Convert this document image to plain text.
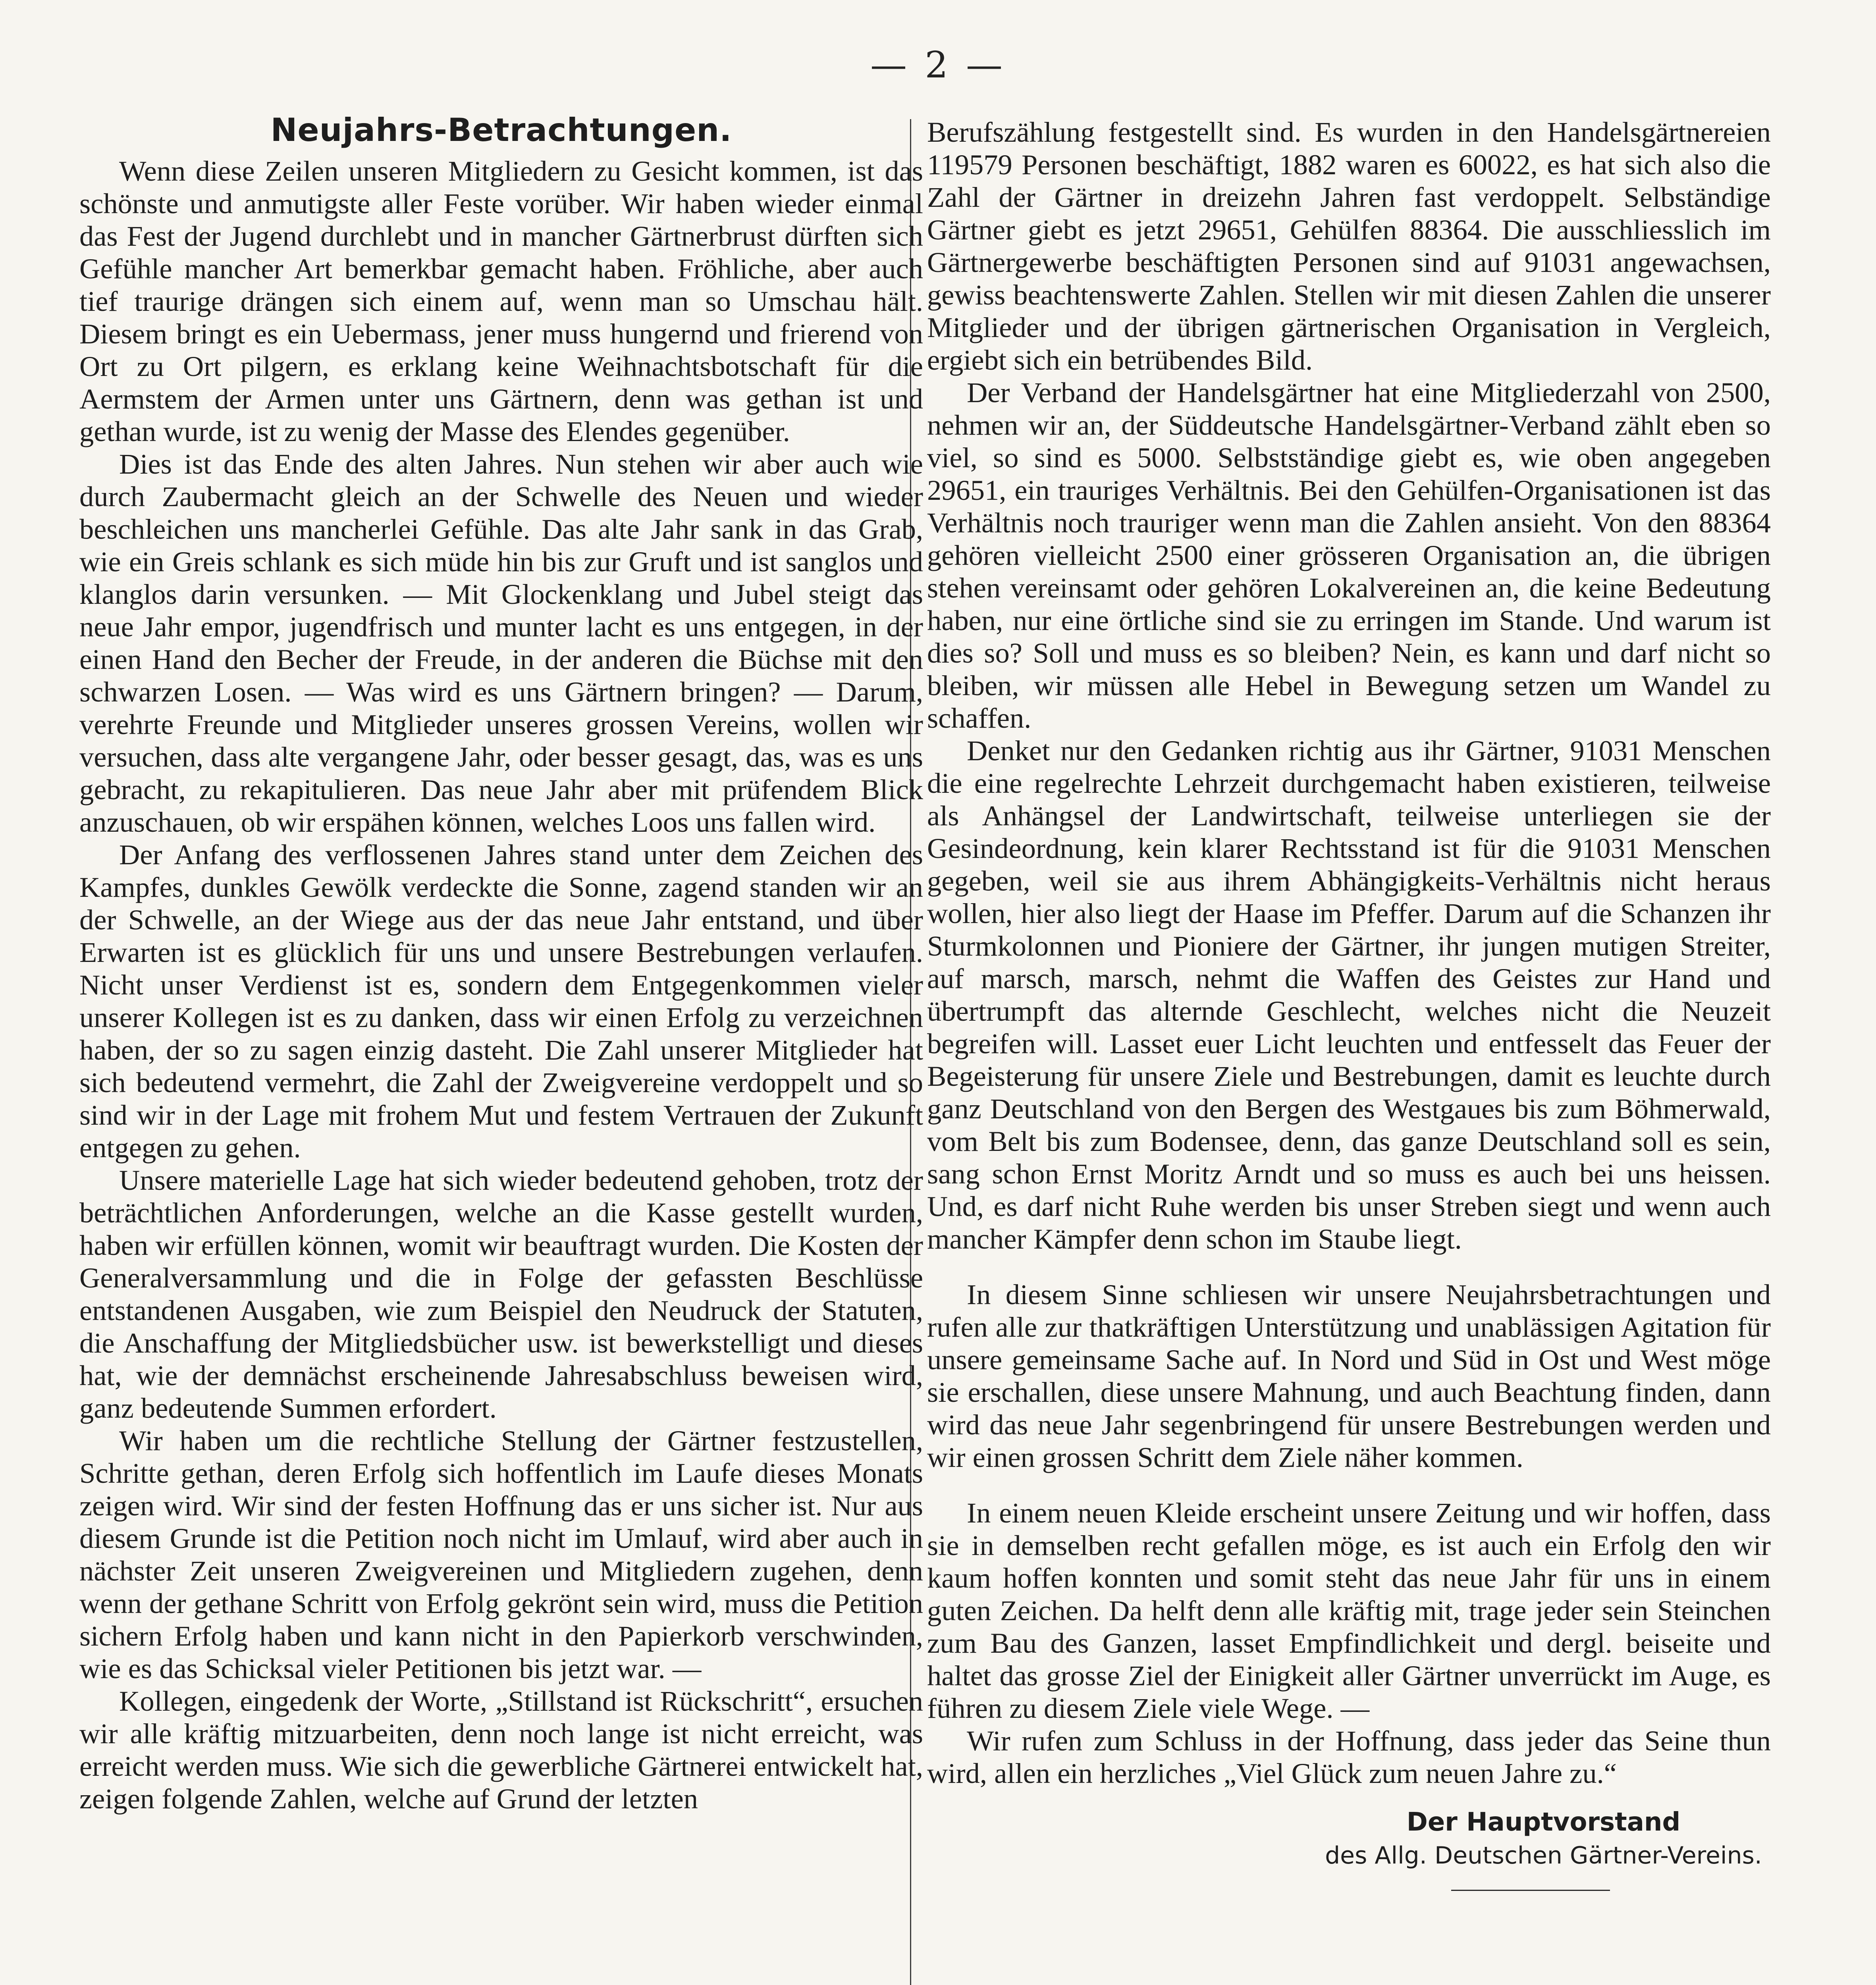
— 2 —
Neujahrs-Betrachtungen.

Wenn diese Zeilen unseren Mitgliedern zu Gesicht kommen, ist das schönste und anmutigste aller Feste vorüber. Wir haben wieder einmal das Fest der Jugend durchlebt und in mancher Gärtnerbrust dürften sich Gefühle mancher Art bemerkbar gemacht haben. Fröhliche, aber auch tief traurige drängen sich einem auf, wenn man so Umschau hält. Diesem bringt es ein Uebermass, jener muss hungernd und frierend von Ort zu Ort pilgern, es erklang keine Weihnachtsbotschaft für die Aermstem der Armen unter uns Gärtnern, denn was gethan ist und gethan wurde, ist zu wenig der Masse des Elendes gegenüber.

Dies ist das Ende des alten Jahres. Nun stehen wir aber auch wie durch Zaubermacht gleich an der Schwelle des Neuen und wieder beschleichen uns mancherlei Gefühle. Das alte Jahr sank in das Grab, wie ein Greis schlank es sich müde hin bis zur Gruft und ist sanglos und klanglos darin versunken. — Mit Glockenklang und Jubel steigt das neue Jahr empor, jugendfrisch und munter lacht es uns entgegen, in der einen Hand den Becher der Freude, in der anderen die Büchse mit den schwarzen Losen. — Was wird es uns Gärtnern bringen? — Darum, verehrte Freunde und Mitglieder unseres grossen Vereins, wollen wir versuchen, dass alte vergangene Jahr, oder besser gesagt, das, was es uns gebracht, zu rekapitulieren. Das neue Jahr aber mit prüfendem Blick anzuschauen, ob wir erspähen können, welches Loos uns fallen wird.

Der Anfang des verflossenen Jahres stand unter dem Zeichen des Kampfes, dunkles Gewölk verdeckte die Sonne, zagend standen wir an der Schwelle, an der Wiege aus der das neue Jahr entstand, und über Erwarten ist es glücklich für uns und unsere Bestrebungen verlaufen. Nicht unser Verdienst ist es, sondern dem Entgegenkommen vieler unserer Kollegen ist es zu danken, dass wir einen Erfolg zu verzeichnen haben, der so zu sagen einzig dasteht. Die Zahl unserer Mitglieder hat sich bedeutend vermehrt, die Zahl der Zweigvereine verdoppelt und so sind wir in der Lage mit frohem Mut und festem Vertrauen der Zukunft entgegen zu gehen.

Unsere materielle Lage hat sich wieder bedeutend gehoben, trotz der beträchtlichen Anforderungen, welche an die Kasse gestellt wurden, haben wir erfüllen können, womit wir beauftragt wurden. Die Kosten der Generalversammlung und die in Folge der gefassten Beschlüsse entstandenen Ausgaben, wie zum Beispiel den Neudruck der Statuten, die Anschaffung der Mitgliedsbücher usw. ist bewerkstelligt und dieses hat, wie der demnächst erscheinende Jahresabschluss beweisen wird, ganz bedeutende Summen erfordert.

Wir haben um die rechtliche Stellung der Gärtner festzustellen, Schritte gethan, deren Erfolg sich hoffentlich im Laufe dieses Monats zeigen wird. Wir sind der festen Hoffnung das er uns sicher ist. Nur aus diesem Grunde ist die Petition noch nicht im Umlauf, wird aber auch in nächster Zeit unseren Zweigvereinen und Mitgliedern zugehen, denn wenn der gethane Schritt von Erfolg gekrönt sein wird, muss die Petition sichern Erfolg haben und kann nicht in den Papierkorb verschwinden, wie es das Schicksal vieler Petitionen bis jetzt war. —

Kollegen, eingedenk der Worte, „Stillstand ist Rückschritt“, ersuchen wir alle kräftig mitzuarbeiten, denn noch lange ist nicht erreicht, was erreicht werden muss. Wie sich die gewerbliche Gärtnerei entwickelt hat, zeigen folgende Zahlen, welche auf Grund der letzten

Berufszählung festgestellt sind. Es wurden in den Handelsgärtnereien 119579 Personen beschäftigt, 1882 waren es 60022, es hat sich also die Zahl der Gärtner in dreizehn Jahren fast verdoppelt. Selbständige Gärtner giebt es jetzt 29651, Gehülfen 88364. Die ausschliesslich im Gärtnergewerbe beschäftigten Personen sind auf 91031 angewachsen, gewiss beachtenswerte Zahlen. Stellen wir mit diesen Zahlen die unserer Mitglieder und der übrigen gärtnerischen Organisation in Vergleich, ergiebt sich ein betrübendes Bild.

Der Verband der Handelsgärtner hat eine Mitgliederzahl von 2500, nehmen wir an, der Süddeutsche Handelsgärtner-Verband zählt eben so viel, so sind es 5000. Selbstständige giebt es, wie oben angegeben 29651, ein trauriges Verhältnis. Bei den Gehülfen-Organisationen ist das Verhältnis noch trauriger wenn man die Zahlen ansieht. Von den 88364 gehören vielleicht 2500 einer grösseren Organisation an, die übrigen stehen vereinsamt oder gehören Lokalvereinen an, die keine Bedeutung haben, nur eine örtliche sind sie zu erringen im Stande. Und warum ist dies so? Soll und muss es so bleiben? Nein, es kann und darf nicht so bleiben, wir müssen alle Hebel in Bewegung setzen um Wandel zu schaffen.

Denket nur den Gedanken richtig aus ihr Gärtner, 91031 Menschen die eine regelrechte Lehrzeit durchgemacht haben existieren, teilweise als Anhängsel der Landwirtschaft, teilweise unterliegen sie der Gesindeordnung, kein klarer Rechtsstand ist für die 91031 Menschen gegeben, weil sie aus ihrem Abhängigkeits-Verhältnis nicht heraus wollen, hier also liegt der Haase im Pfeffer. Darum auf die Schanzen ihr Sturmkolonnen und Pioniere der Gärtner, ihr jungen mutigen Streiter, auf marsch, marsch, nehmt die Waffen des Geistes zur Hand und übertrumpft das alternde Geschlecht, welches nicht die Neuzeit begreifen will. Lasset euer Licht leuchten und entfesselt das Feuer der Begeisterung für unsere Ziele und Bestrebungen, damit es leuchte durch ganz Deutschland von den Bergen des Westgaues bis zum Böhmerwald, vom Belt bis zum Bodensee, denn, das ganze Deutschland soll es sein, sang schon Ernst Moritz Arndt und so muss es auch bei uns heissen. Und, es darf nicht Ruhe werden bis unser Streben siegt und wenn auch mancher Kämpfer denn schon im Staube liegt.

In diesem Sinne schliesen wir unsere Neujahrsbetrachtungen und rufen alle zur thatkräftigen Unterstützung und unablässigen Agitation für unsere gemeinsame Sache auf. In Nord und Süd in Ost und West möge sie erschallen, diese unsere Mahnung, und auch Beachtung finden, dann wird das neue Jahr segenbringend für unsere Bestrebungen werden und wir einen grossen Schritt dem Ziele näher kommen.

In einem neuen Kleide erscheint unsere Zeitung und wir hoffen, dass sie in demselben recht gefallen möge, es ist auch ein Erfolg den wir kaum hoffen konnten und somit steht das neue Jahr für uns in einem guten Zeichen. Da helft denn alle kräftig mit, trage jeder sein Steinchen zum Bau des Ganzen, lasset Empfindlichkeit und dergl. beiseite und haltet das grosse Ziel der Einigkeit aller Gärtner unverrückt im Auge, es führen zu diesem Ziele viele Wege. —

Wir rufen zum Schluss in der Hoffnung, dass jeder das Seine thun wird, allen ein herzliches „Viel Glück zum neuen Jahre zu.“

Der Hauptvorstand
des Allg. Deutschen Gärtner-Vereins.
